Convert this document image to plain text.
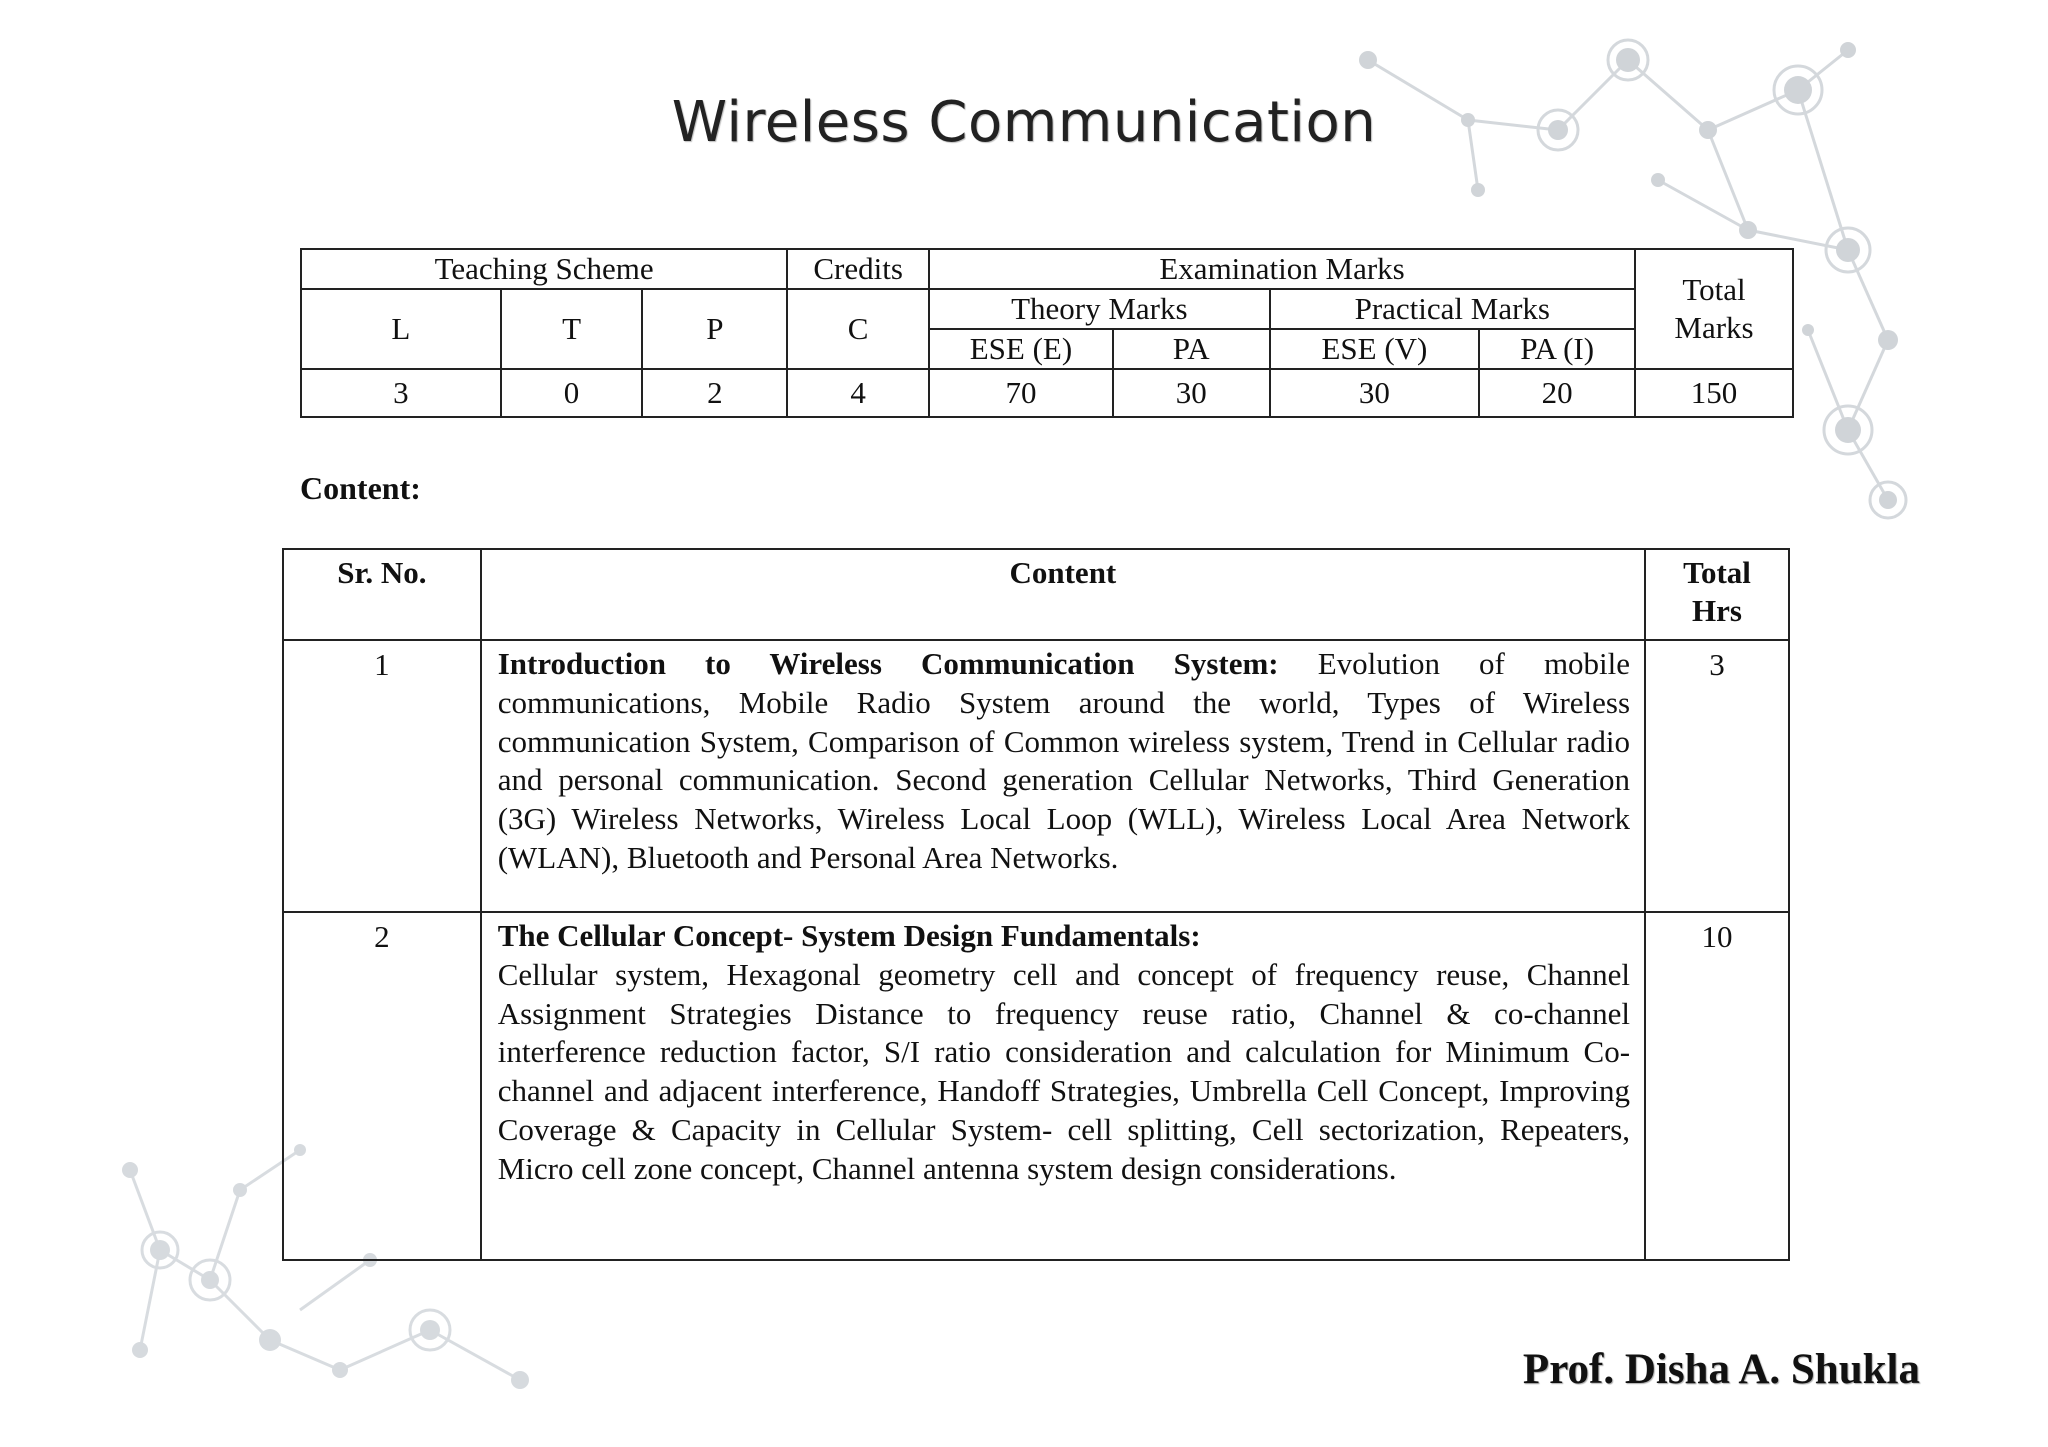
Wireless Communication
Teaching Scheme			Credits	Examination Marks				Total Marks
L	T	P	C	Theory Marks		Practical Marks		
				ESE (E)	PA	ESE (V)	PA (I)	
3	0	2	4	70	30	30	20	150
Content:
Sr. No.	Content	Total Hrs
1	Introduction to Wireless Communication System: Evolution of mobile communications, Mobile Radio System around the world, Types of Wireless communication System, Comparison of Common wireless system, Trend in Cellular radio and personal communication. Second generation Cellular Networks, Third Generation (3G) Wireless Networks, Wireless Local Loop (WLL), Wireless Local Area Network (WLAN), Bluetooth and Personal Area Networks.	3
2	The Cellular Concept- System Design Fundamentals:
Cellular system, Hexagonal geometry cell and concept of frequency reuse, Channel Assignment Strategies Distance to frequency reuse ratio, Channel & co-channel interference reduction factor, S/I ratio consideration and calculation for Minimum Co- channel and adjacent interference, Handoff Strategies, Umbrella Cell Concept, Improving Coverage & Capacity in Cellular System- cell splitting, Cell sectorization, Repeaters, Micro cell zone concept, Channel antenna system design considerations.	10
Prof. Disha A. Shukla
